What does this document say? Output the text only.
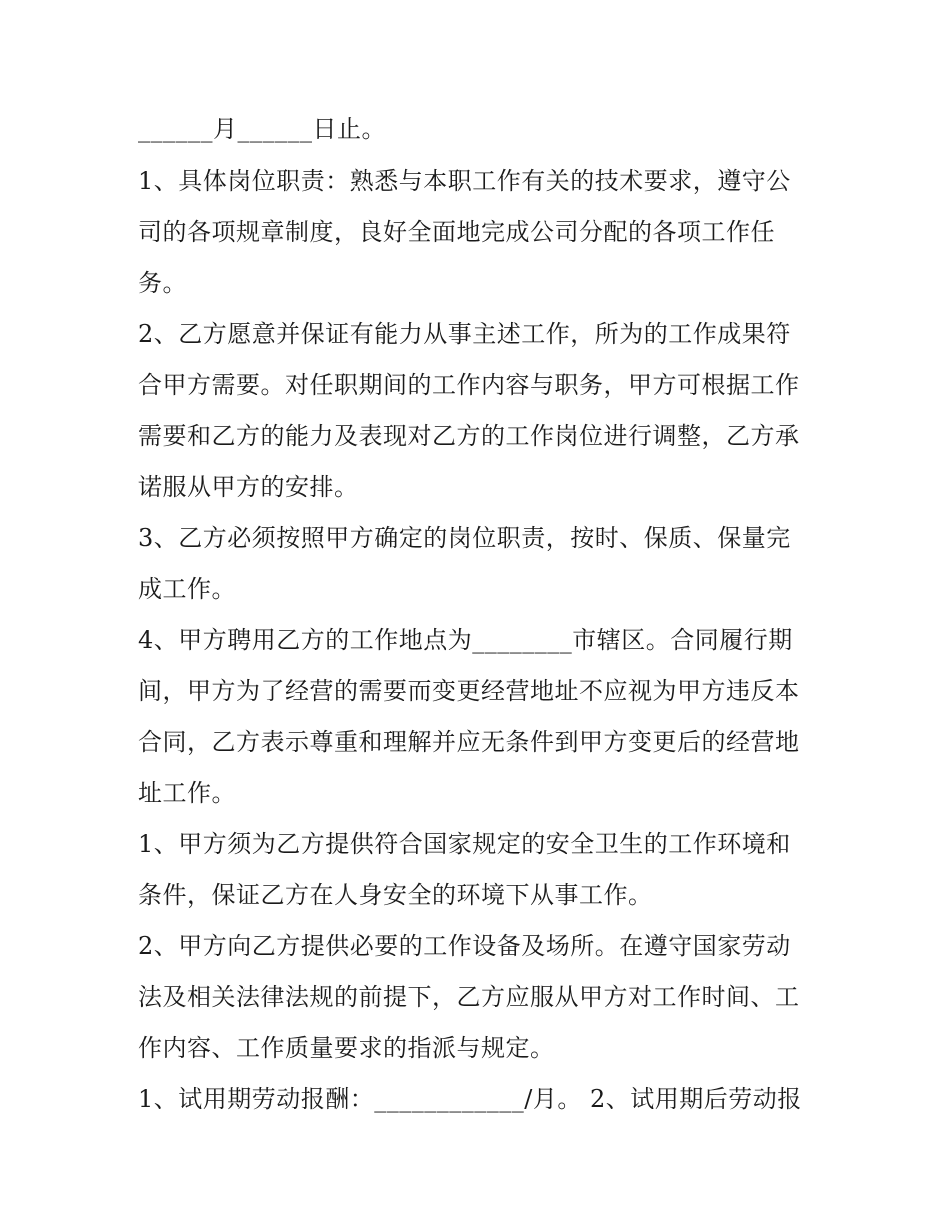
______月______日止。
1、具体岗位职责：熟悉与本职工作有关的技术要求，遵守公
司的各项规章制度，良好全面地完成公司分配的各项工作任
务。
2、乙方愿意并保证有能力从事主述工作，所为的工作成果符
合甲方需要。对任职期间的工作内容与职务，甲方可根据工作
需要和乙方的能力及表现对乙方的工作岗位进行调整，乙方承
诺服从甲方的安排。
3、乙方必须按照甲方确定的岗位职责，按时、保质、保量完
成工作。
4、甲方聘用乙方的工作地点为________市辖区。合同履行期
间，甲方为了经营的需要而变更经营地址不应视为甲方违反本
合同，乙方表示尊重和理解并应无条件到甲方变更后的经营地
址工作。
1、甲方须为乙方提供符合国家规定的安全卫生的工作环境和
条件，保证乙方在人身安全的环境下从事工作。
2、甲方向乙方提供必要的工作设备及场所。在遵守国家劳动
法及相关法律法规的前提下，乙方应服从甲方对工作时间、工
作内容、工作质量要求的指派与规定。
1、试用期劳动报酬：____________/月。 2、试用期后劳动报
